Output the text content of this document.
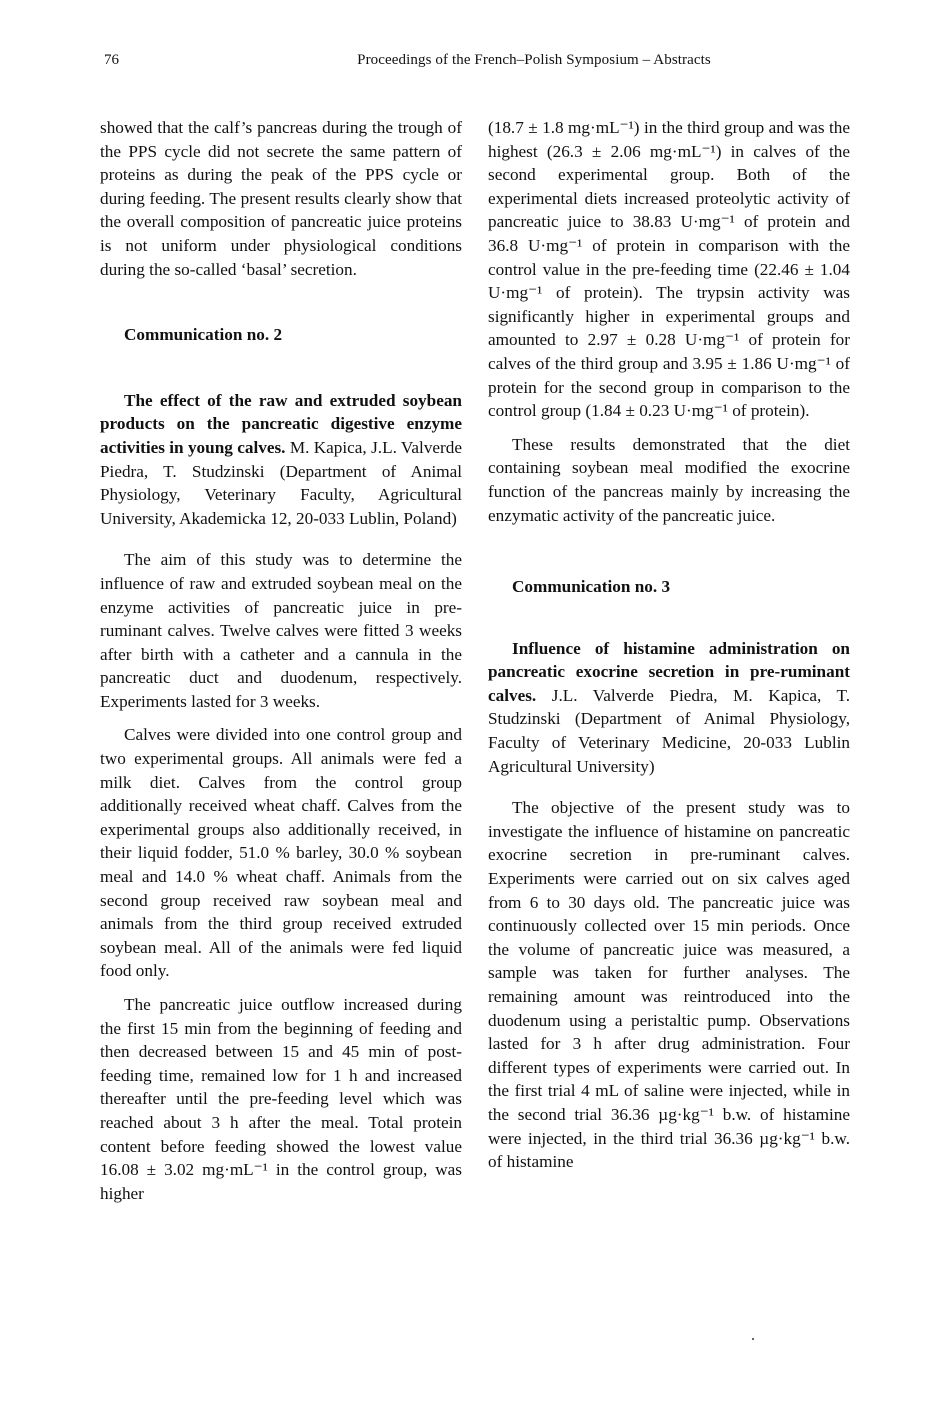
76	Proceedings of the French–Polish Symposium – Abstracts

showed that the calf’s pancreas during the trough of the PPS cycle did not secrete the same pattern of proteins as during the peak of the PPS cycle or during feeding. The present results clearly show that the overall composition of pancreatic juice proteins is not uniform under physiological conditions during the so-called ‘basal’ secretion.

Communication no. 2

The effect of the raw and extruded soybean products on the pancreatic digestive enzyme activities in young calves. M. Kapica, J.L. Valverde Piedra, T. Studzinski (Department of Animal Physiology, Veterinary Faculty, Agricultural University, Akademicka 12, 20-033 Lublin, Poland)

The aim of this study was to determine the influence of raw and extruded soybean meal on the enzyme activities of pancreatic juice in pre-ruminant calves. Twelve calves were fitted 3 weeks after birth with a catheter and a cannula in the pancreatic duct and duodenum, respectively. Experiments lasted for 3 weeks.

Calves were divided into one control group and two experimental groups. All animals were fed a milk diet. Calves from the control group additionally received wheat chaff. Calves from the experimental groups also additionally received, in their liquid fodder, 51.0 % barley, 30.0 % soybean meal and 14.0 % wheat chaff. Animals from the second group received raw soybean meal and animals from the third group received extruded soybean meal. All of the animals were fed liquid food only.

The pancreatic juice outflow increased during the first 15 min from the beginning of feeding and then decreased between 15 and 45 min of post-feeding time, remained low for 1 h and increased thereafter until the pre-feeding level which was reached about 3 h after the meal. Total protein content before feeding showed the lowest value 16.08 ± 3.02 mg·mL⁻¹ in the control group, was higher

(18.7 ± 1.8 mg·mL⁻¹) in the third group and was the highest (26.3 ± 2.06 mg·mL⁻¹) in calves of the second experimental group. Both of the experimental diets increased proteolytic activity of pancreatic juice to 38.83 U·mg⁻¹ of protein and 36.8 U·mg⁻¹ of protein in comparison with the control value in the pre-feeding time (22.46 ± 1.04 U·mg⁻¹ of protein). The trypsin activity was significantly higher in experimental groups and amounted to 2.97 ± 0.28 U·mg⁻¹ of protein for calves of the third group and 3.95 ± 1.86 U·mg⁻¹ of protein for the second group in comparison to the control group (1.84 ± 0.23 U·mg⁻¹ of protein).

These results demonstrated that the diet containing soybean meal modified the exocrine function of the pancreas mainly by increasing the enzymatic activity of the pancreatic juice.

Communication no. 3

Influence of histamine administration on pancreatic exocrine secretion in pre-ruminant calves. J.L. Valverde Piedra, M. Kapica, T. Studzinski (Department of Animal Physiology, Faculty of Veterinary Medicine, 20-033 Lublin Agricultural University)

The objective of the present study was to investigate the influence of histamine on pancreatic exocrine secretion in pre-ruminant calves. Experiments were carried out on six calves aged from 6 to 30 days old. The pancreatic juice was continuously collected over 15 min periods. Once the volume of pancreatic juice was measured, a sample was taken for further analyses. The remaining amount was reintroduced into the duodenum using a peristaltic pump. Observations lasted for 3 h after drug administration. Four different types of experiments were carried out. In the first trial 4 mL of saline were injected, while in the second trial 36.36 µg·kg⁻¹ b.w. of histamine were injected, in the third trial 36.36 µg·kg⁻¹ b.w. of histamine
